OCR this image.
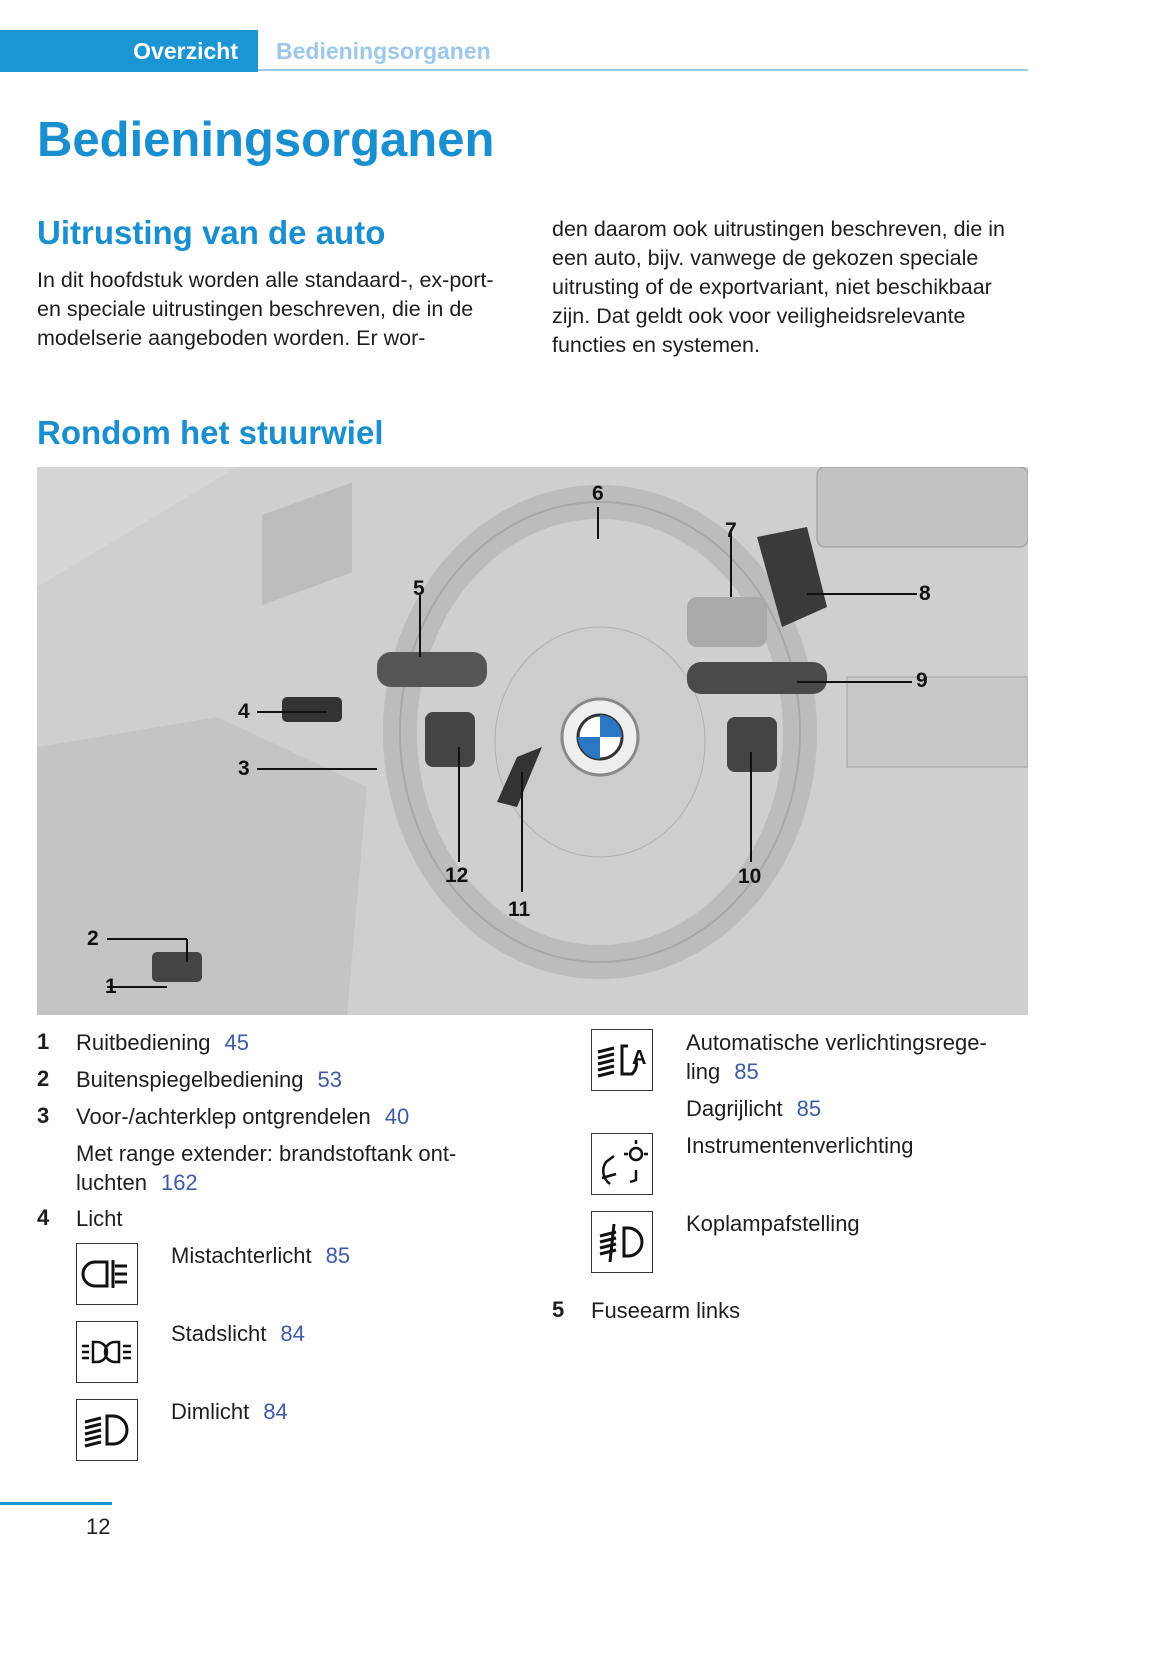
Overzicht Bedieningsorganen
Bedieningsorganen
Uitrusting van de auto
In dit hoofdstuk worden alle standaard-, ex-port- en speciale uitrustingen beschreven, die in de modelserie aangeboden worden. Er wor-
den daarom ook uitrustingen beschreven, die in een auto, bijv. vanwege de gekozen speciale uitrusting of de exportvariant, niet beschikbaar zijn. Dat geldt ook voor veiligheidsrelevante functies en systemen.
Rondom het stuurwiel
1
2
3
4
5
6
7
8
9
10
11
12
1 Ruitbediening 45
2 Buitenspiegelbediening 53
3 Voor-/achterklep ontgrendelen 40
Met range extender: brandstoftank ont-
luchten 162
4 Licht
Mistachterlicht 85
Stadslicht 84
Dimlicht 84
A
Automatische verlichtingsrege-
ling 85
Dagrijlicht 85
Instrumentenverlichting
Koplampafstelling
5 Fuseearm links
12
